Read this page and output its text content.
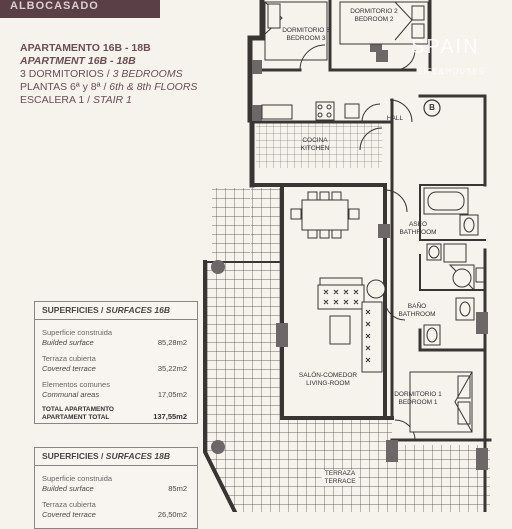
SPAIN
LIFE&HOUSES
B
DORMITORIO 3
BEDROOM 3
DORMITORIO 2
BEDROOM 2
HALL
COCINA
KITCHEN
ASEO
BATHROOM
BAÑO
BATHROOM
SALÓN-COMEDOR
LIVING-ROOM
DORMITORIO 1
BEDROOM 1
TERRAZA
TERRACE
ALBOCASADO
APARTAMENTO 16B - 18B
APARTMENT 16B - 18B
3 DORMITORIOS / 3 BEDROOMS
PLANTAS 6ª y 8ª / 6th & 8th FLOORS
ESCALERA 1 / STAIR 1
SUPERFICIES / SURFACES 16B
Superficie construida
Builded surface	85,28m2
Terraza cubierta
Covered terrace	35,22m2
Elementos comunes
Communal areas	17,05m2
TOTAL APARTAMENTO
APARTAMENT TOTAL	137,55m2
SUPERFICIES / SURFACES 18B
Superficie construida
Builded surface	85m2
Terraza cubierta
Covered terrace	26,50m2
